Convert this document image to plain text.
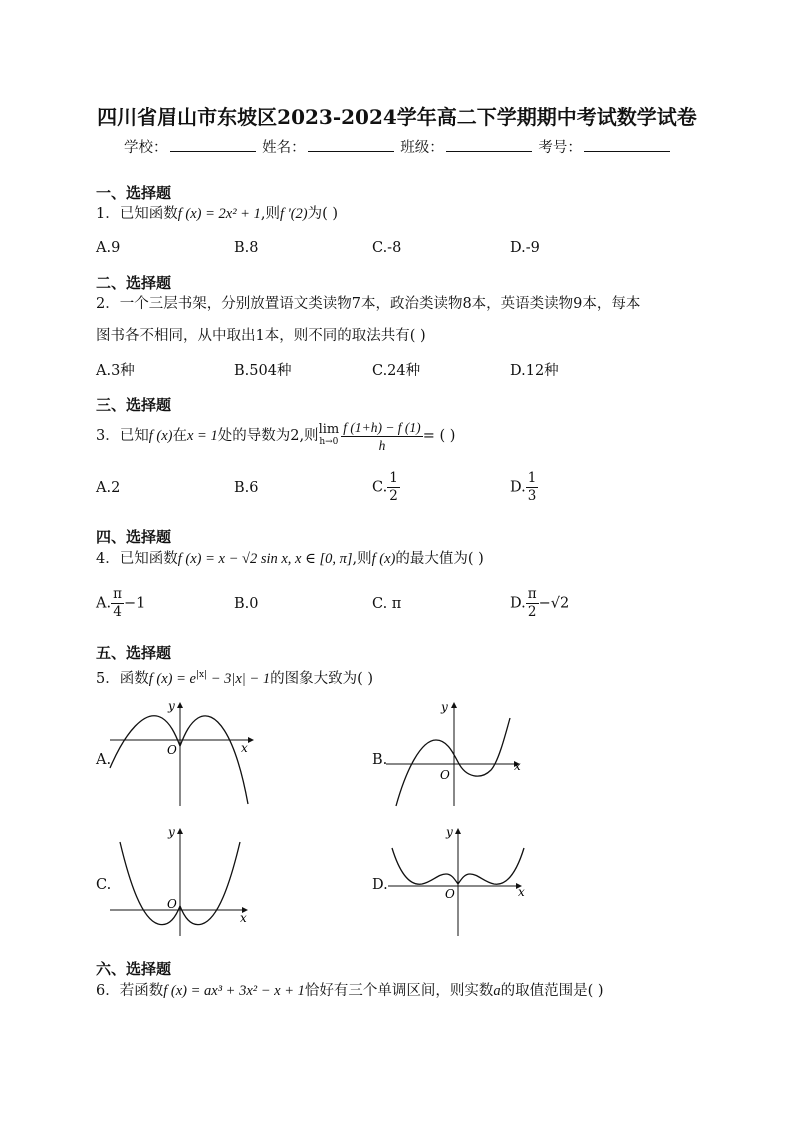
四川省眉山市东坡区2023-2024学年高二下学期期中考试数学试卷
学校：	姓名：	班级：	考号：
一、选择题
1．已知函数f (x) = 2x² + 1,则f '(2)为( )
A.9	B.8	C.-8	D.-9
二、选择题
2．一个三层书架，分别放置语文类读物7本，政治类读物8本，英语类读物9本，每本
图书各不相同，从中取出1本，则不同的取法共有( )
A.3种	B.504种	C.24种	D.12种
三、选择题
3．已知f (x)在x = 1处的导数为2,则lim
$h\to 0 \frac{f (1+h) - f (1)}{h}$ = ( )
A.2	B.6	C. $\frac{1}{2}$	D. $\frac{1}{3}$
四、选择题
4．已知函数f (x) = x − √2 sin x, x ∈ [0, π],则f (x)的最大值为( )
A. $\frac{\pi}{4} -1$	B.0	C. π	D. $\frac{\pi}{2} -√2$
五、选择题
5．函数f $(x) = e^{|x|} - 3|x| - 1$的图象大致为( )
A.
y
O	x
B.
y
O
x
C.
y
O
x
D.
y
O	x
六、选择题
6．若函数f (x) = ax³ + 3x² − x + 1恰好有三个单调区间，则实数a的取值范围是( )
